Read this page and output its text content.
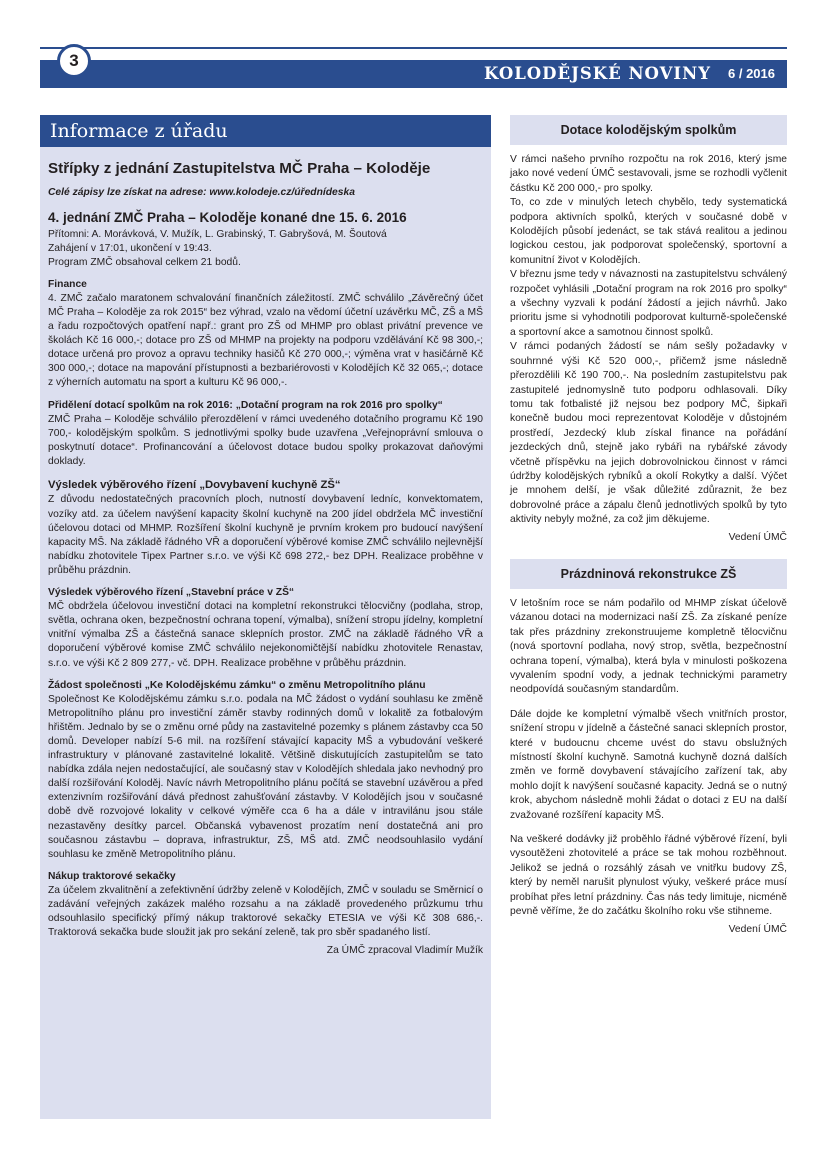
3
KOLODĚJSKÉ NOVINY 6 / 2016
Informace z úřadu
Střípky z jednání Zastupitelstva MČ Praha – Koloděje
Celé zápisy lze získat na adrese: www.kolodeje.cz/úřednídeska
4. jednání ZMČ Praha – Koloděje konané dne 15. 6. 2016

Přítomni: A. Morávková, V. Mužík, L. Grabinský, T. Gabryšová, M. Šoutová

Zahájení v 17:01, ukončení v 19:43.

Program ZMČ obsahoval celkem 21 bodů.

Finance

4. ZMČ začalo maratonem schvalování finančních záležitostí. ZMČ schválilo „Závěrečný účet MČ Praha – Koloděje za rok 2015“ bez výhrad, vzalo na vědomí účetní uzávěrku MČ, ZŠ a MŠ a řadu rozpočtových opatření např.: grant pro ZŠ od MHMP pro oblast privátní prevence ve školách Kč 16 000,-; dotace pro ZŠ od MHMP na projekty na podporu vzdělávání Kč 98 300,-; dotace určená pro provoz a opravu techniky hasičů Kč 270 000,-; výměna vrat v hasičárně Kč 300 000,-; dotace na mapování přístupnosti a bezbariérovosti v Kolodějích Kč 32 065,-; dotace z výherních automatu na sport a kulturu Kč 96 000,-.

Přidělení dotací spolkům na rok 2016: „Dotační program na rok 2016 pro spolky“

ZMČ Praha – Koloděje schválilo přerozdělení v rámci uvedeného dotačního programu Kč 190 700,- kolodějským spolkům. S jednotlivými spolky bude uzavřena „Veřejnoprávní smlouva o poskytnutí dotace“. Profinancování a účelovost dotace budou spolky prokazovat daňovými doklady.

Výsledek výběrového řízení „Dovybavení kuchyně ZŠ“

Z důvodu nedostatečných pracovních ploch, nutností dovybavení ledníc, konvektomatem, vozíky atd. za účelem navýšení kapacity školní kuchyně na 200 jídel obdržela MČ investiční účelovou dotaci od MHMP. Rozšíření školní kuchyně je prvním krokem pro budoucí navýšení kapacity MŠ. Na základě řádného VŘ a doporučení výběrové komise ZMČ schválilo nejlevnější nabídku zhotovitele Tipex Partner s.r.o. ve výši Kč 698 272,- bez DPH. Realizace proběhne v průběhu prázdnin.

Výsledek výběrového řízení „Stavební práce v ZŠ“

MČ obdržela účelovou investiční dotaci na kompletní rekonstrukci tělocvičny (podlaha, strop, světla, ochrana oken, bezpečnostní ochrana topení, výmalba), snížení stropu jídelny, kompletní vnitřní výmalba ZŠ a částečná sanace sklepních prostor. ZMČ na základě řádného VŘ a doporučení výběrové komise ZMČ schválilo nejekonomičtější nabídku zhotovitele Renastav, s.r.o. ve výši Kč 2 809 277,- vč. DPH. Realizace proběhne v průběhu prázdnin.

Žádost společnosti „Ke Kolodějskému zámku“ o změnu Metropolitního plánu

Společnost Ke Kolodějskému zámku s.r.o. podala na MČ žádost o vydání souhlasu ke změně Metropolitního plánu pro investiční záměr stavby rodinných domů v lokalitě za fotbalovým hřištěm. Jednalo by se o změnu orné půdy na zastavitelné pozemky s plánem zástavby cca 50 domů. Developer nabízí 5-6 mil. na rozšíření stávající kapacity MŠ a vybudování veškeré infrastruktury v plánované zastavitelné lokalitě. Většině diskutujících zastupitelům se tato nabídka zdála nejen nedostačující, ale současný stav v Kolodějích shledala jako nevhodný pro další rozšiřování Koloděj. Navíc návrh Metropolitního plánu počítá se stavební uzávěrou a před extenzivním rozšiřování dává přednost zahušťování zástavby. V Kolodějích jsou v současné době dvě rozvojové lokality v celkové výměře cca 6 ha a dále v intravilánu jsou stále nezastavěny desítky parcel. Občanská vybavenost prozatím není dostatečná ani pro současnou zástavbu – doprava, infrastruktur, ZŠ, MŠ atd. ZMČ neodsouhlasilo vydání souhlasu ke změně Metropolitního plánu.

Nákup traktorové sekačky

Za účelem zkvalitnění a zefektivnění údržby zeleně v Kolodějích, ZMČ v souladu se Směrnicí o zadávání veřejných zakázek malého rozsahu a na základě provedeného průzkumu trhu odsouhlasilo specifický přímý nákup traktorové sekačky ETESIA ve výši Kč 308 686,-. Traktorová sekačka bude sloužit jak pro sekání zeleně, tak pro sběr spadaného listí.

Za ÚMČ zpracoval Vladimír Mužík
Dotace kolodějským spolkům

V rámci našeho prvního rozpočtu na rok 2016, který jsme jako nové vedení ÚMČ sestavovali, jsme se rozhodli vyčlenit částku Kč 200 000,- pro spolky.

To, co zde v minulých letech chybělo, tedy systematická podpora aktivních spolků, kterých v současné době v Kolodějích působí jedenáct, se tak stává realitou a jedinou logickou cestou, jak podporovat společenský, sportovní a komunitní život v Kolodějích.

V březnu jsme tedy v návaznosti na zastupitelstvu schválený rozpočet vyhlásili „Dotační program na rok 2016 pro spolky“ a všechny vyzvali k podání žádostí a jejich návrhů. Jako prioritu jsme si vyhodnotili podporovat kulturně-společenské a sportovní akce a samotnou činnost spolků.

V rámci podaných žádostí se nám sešly požadavky v souhrnné výši Kč 520 000,-, přičemž jsme následně přerozdělili Kč 190 700,-. Na posledním zastupitelstvu pak zastupitelé jednomyslně tuto podporu odhlasovali. Díky tomu tak fotbalisté již nejsou bez podpory MČ, šipkaři konečně budou moci reprezentovat Koloděje v důstojném prostředí, Jezdecký klub získal finance na pořádání jezdeckých dnů, stejně jako rybáři na rybářské závody včetně příspěvku na jejich dobrovolnickou činnost v rámci údržby kolodějských rybníků a okolí Rokytky a další. Výčet je mnohem delší, je však důležité zdůraznit, že bez dobrovolné práce a zápalu členů jednotlivých spolků by tyto aktivity nebyly možné, za což jim děkujeme.

Vedení ÚMČ
Prázdninová rekonstrukce ZŠ

V letošním roce se nám podařilo od MHMP získat účelově vázanou dotaci na modernizaci naší ZŠ. Za získané peníze tak přes prázdniny zrekonstruujeme kompletně tělocvičnu (nová sportovní podlaha, nový strop, světla, bezpečnostní ochrana topení, výmalba), která byla v minulosti poškozena vyvalením spodní vody, a jednak technickými parametry neodpovídá současným standardům.

Dále dojde ke kompletní výmalbě všech vnitřních prostor, snížení stropu v jídelně a částečné sanaci sklepních prostor, které v budoucnu chceme uvést do stavu obslužných místností školní kuchyně. Samotná kuchyně dozná dalších změn ve formě dovybavení stávajícího zařízení tak, aby mohlo dojít k navýšení současné kapacity. Jedná se o nutný krok, abychom následně mohli žádat o dotaci z EU na další zvažované rozšíření kapacity MŠ.

Na veškeré dodávky již proběhlo řádné výběrové řízení, byli vysoutěženi zhotovitelé a práce se tak mohou rozběhnout. Jelikož se jedná o rozsáhlý zásah ve vnitřku budovy ZŠ, který by neměl narušit plynulost výuky, veškeré práce musí probíhat přes letní prázdniny. Čas nás tedy limituje, nicméně pevně věříme, že do začátku školního roku vše stihneme.

Vedení ÚMČ
